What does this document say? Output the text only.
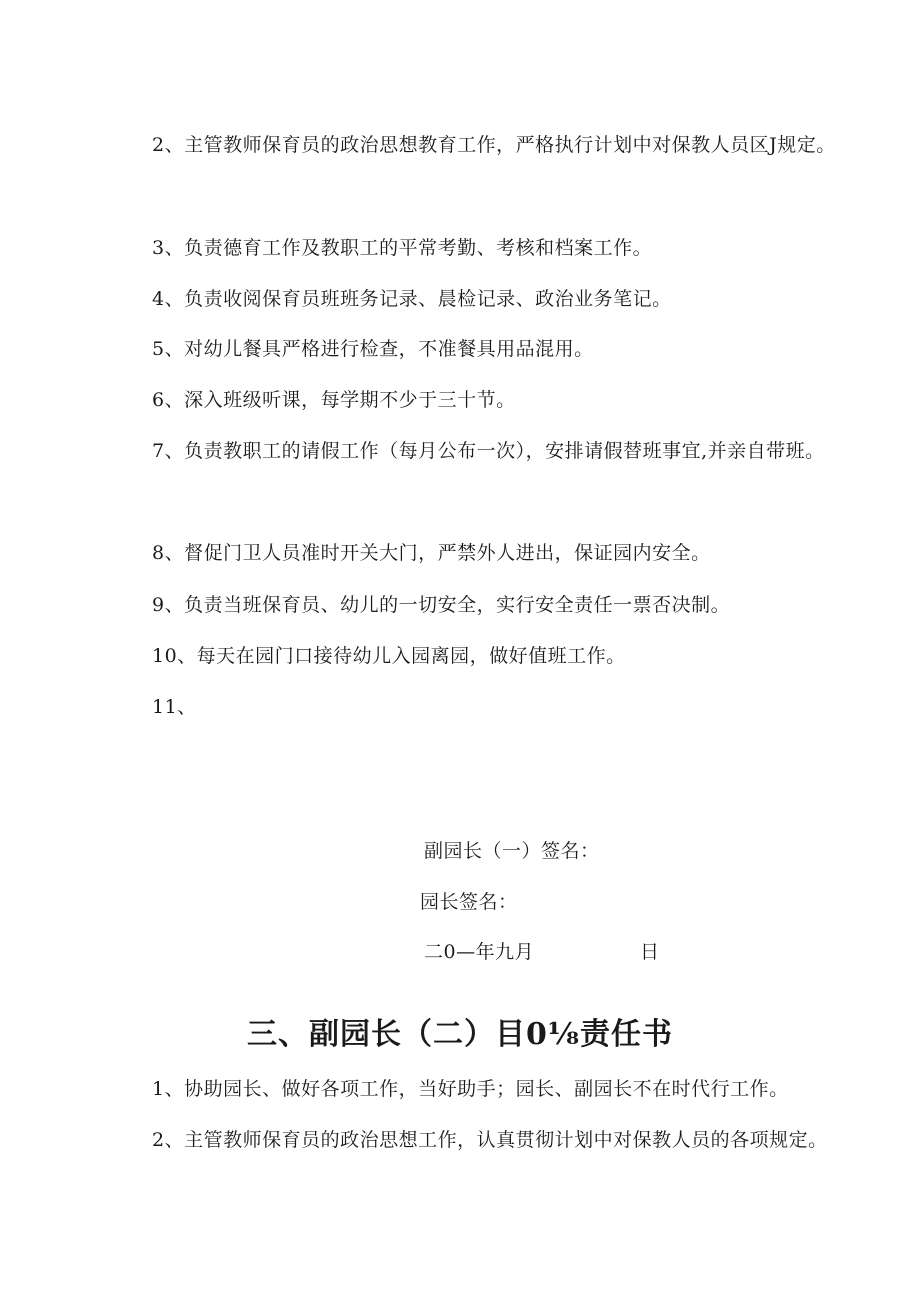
2、主管教师保育员的政治思想教育工作，严格执行计划中对保教人员区J规定。

3、负责德育工作及教职工的平常考勤、考核和档案工作。

4、负责收阅保育员班班务记录、晨检记录、政治业务笔记。

5、对幼儿餐具严格进行检查，不准餐具用品混用。

6、深入班级听课，每学期不少于三十节。

7、负责教职工的请假工作（每月公布一次），安排请假替班事宜,并亲自带班。

8、督促门卫人员准时开关大门，严禁外人进出，保证园内安全。

9、负责当班保育员、幼儿的一切安全，实行安全责任一票否决制。

10、每天在园门口接待幼儿入园离园，做好值班工作。

11、

副园长（一）签名：

园长签名：

二0—年九月	日

三、副园长（二）目0⅛责任书

1、协助园长、做好各项工作，当好助手；园长、副园长不在时代行工作。

2、主管教师保育员的政治思想工作，认真贯彻计划中对保教人员的各项规定。
